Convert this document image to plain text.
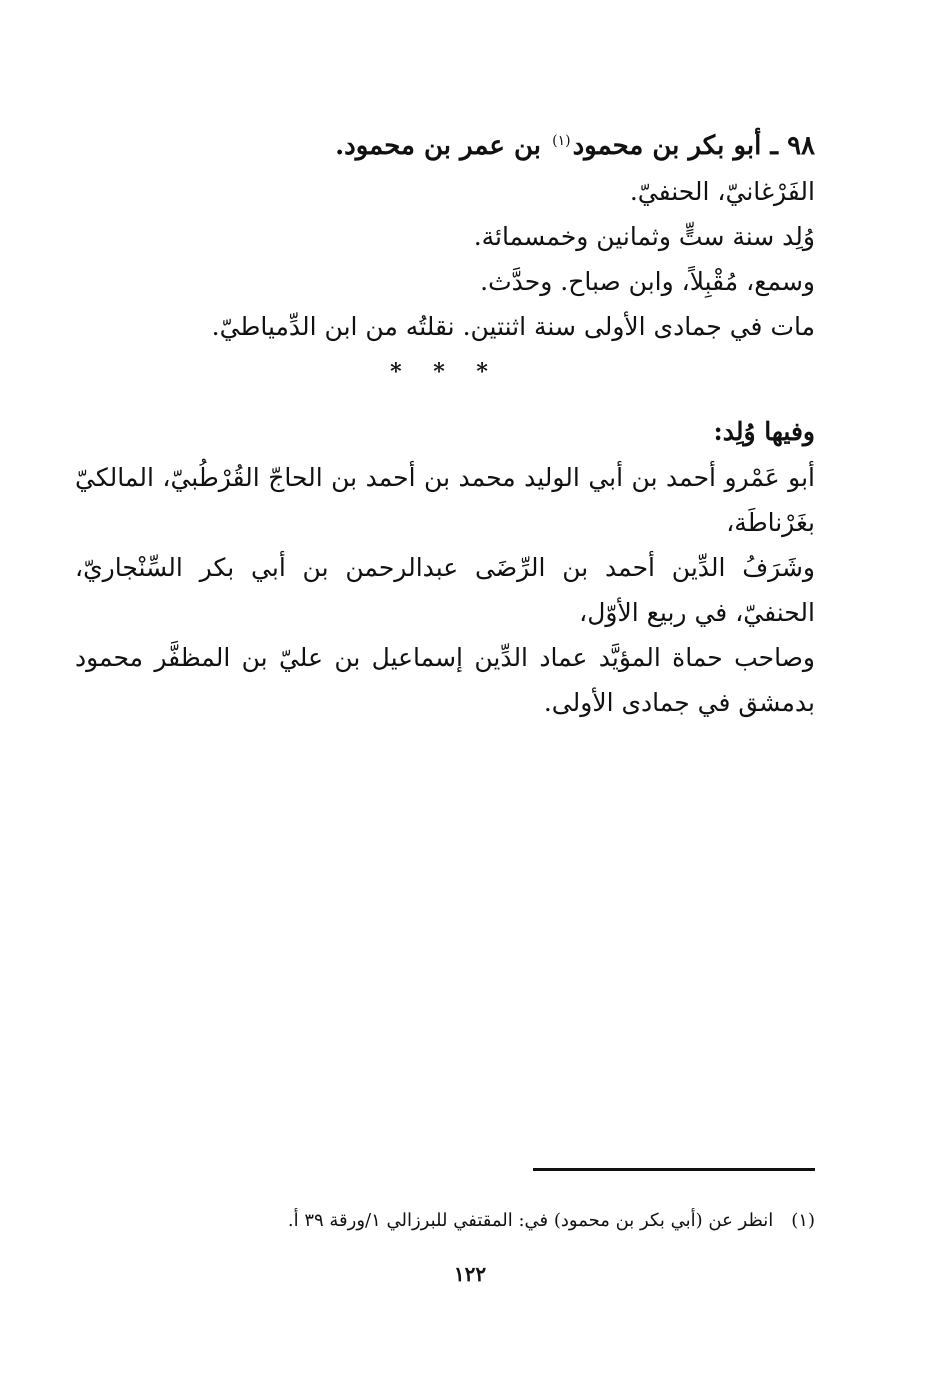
٩٨ ـ أبو بكر بن محمود$^{(١)}$ بن عمر بن محمود.
الفَرْغانيّ، الحنفيّ.
وُلِد سنة ستٍّ وثمانين وخمسمائة.
وسمع، مُقْبِلاً، وابن صباح. وحدَّث.
مات في جمادى الأولى سنة اثنتين. نقلتُه من ابن الدِّمياطيّ.
* * *
وفيها وُلِد:
أبو عَمْرو أحمد بن أبي الوليد محمد بن أحمد بن الحاجّ القُرْطُبيّ، المالكيّ بغَرْناطَة،
وشَرَفُ الدِّين أحمد بن الرِّضَى عبدالرحمن بن أبي بكر السِّنْجاريّ، الحنفيّ، في ربيع الأوّل،
وصاحب حماة المؤيَّد عماد الدِّين إسماعيل بن عليّ بن المظفَّر محمود بدمشق في جمادى الأولى.
(١)انظر عن (أبي بكر بن محمود) في: المقتفي للبرزالي ١/ورقة ٣٩ أ.
١٢٢
